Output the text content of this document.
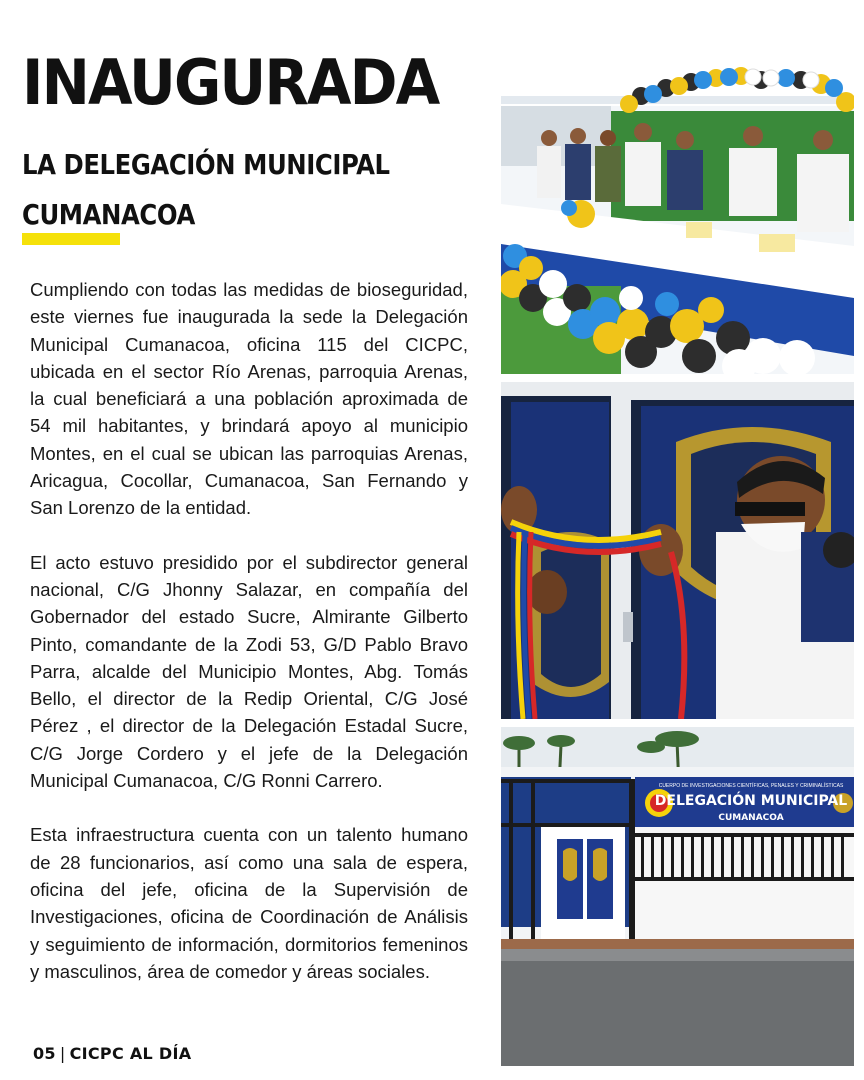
INAUGURADA
LA DELEGACIÓN MUNICIPAL
CUMANACOA

Cumpliendo con todas las medidas de bioseguridad, este viernes fue inaugurada la sede la Delegación Municipal Cumanacoa, oficina 115 del CICPC, ubicada en el sector Río Arenas, parroquia Arenas, la cual beneficiará a una población aproximada de 54 mil habitantes, y brindará apoyo al municipio Montes, en el cual se ubican las parroquias Arenas, Aricagua, Cocollar, Cumanacoa, San Fernando y San Lorenzo de la entidad.

El acto estuvo presidido por el subdirector general nacional, C/G Jhonny Salazar, en compañía del Gobernador del estado Sucre, Almirante Gilberto Pinto, comandante de la Zodi 53, G/D Pablo Bravo Parra, alcalde del Municipio Montes, Abg. Tomás Bello, el director de la Redip Oriental, C/G José Pérez , el director de la Delegación Estadal Sucre, C/G Jorge Cordero y el jefe de la Delegación Municipal Cumanacoa, C/G Ronni Carrero.

Esta infraestructura cuenta con un talento humano de 28 funcionarios, así como una sala de espera, oficina del jefe, oficina de la Supervisión de Investigaciones, oficina de Coordinación de Análisis y seguimiento de información, dormitorios femeninos y masculinos, área de comedor y áreas sociales.

05 | CICPC AL DÍA
CUERPO DE INVESTIGACIONES CIENTÍFICAS, PENALES Y CRIMINALÍSTICAS
DELEGACIÓN MUNICIPAL
CUMANACOA
